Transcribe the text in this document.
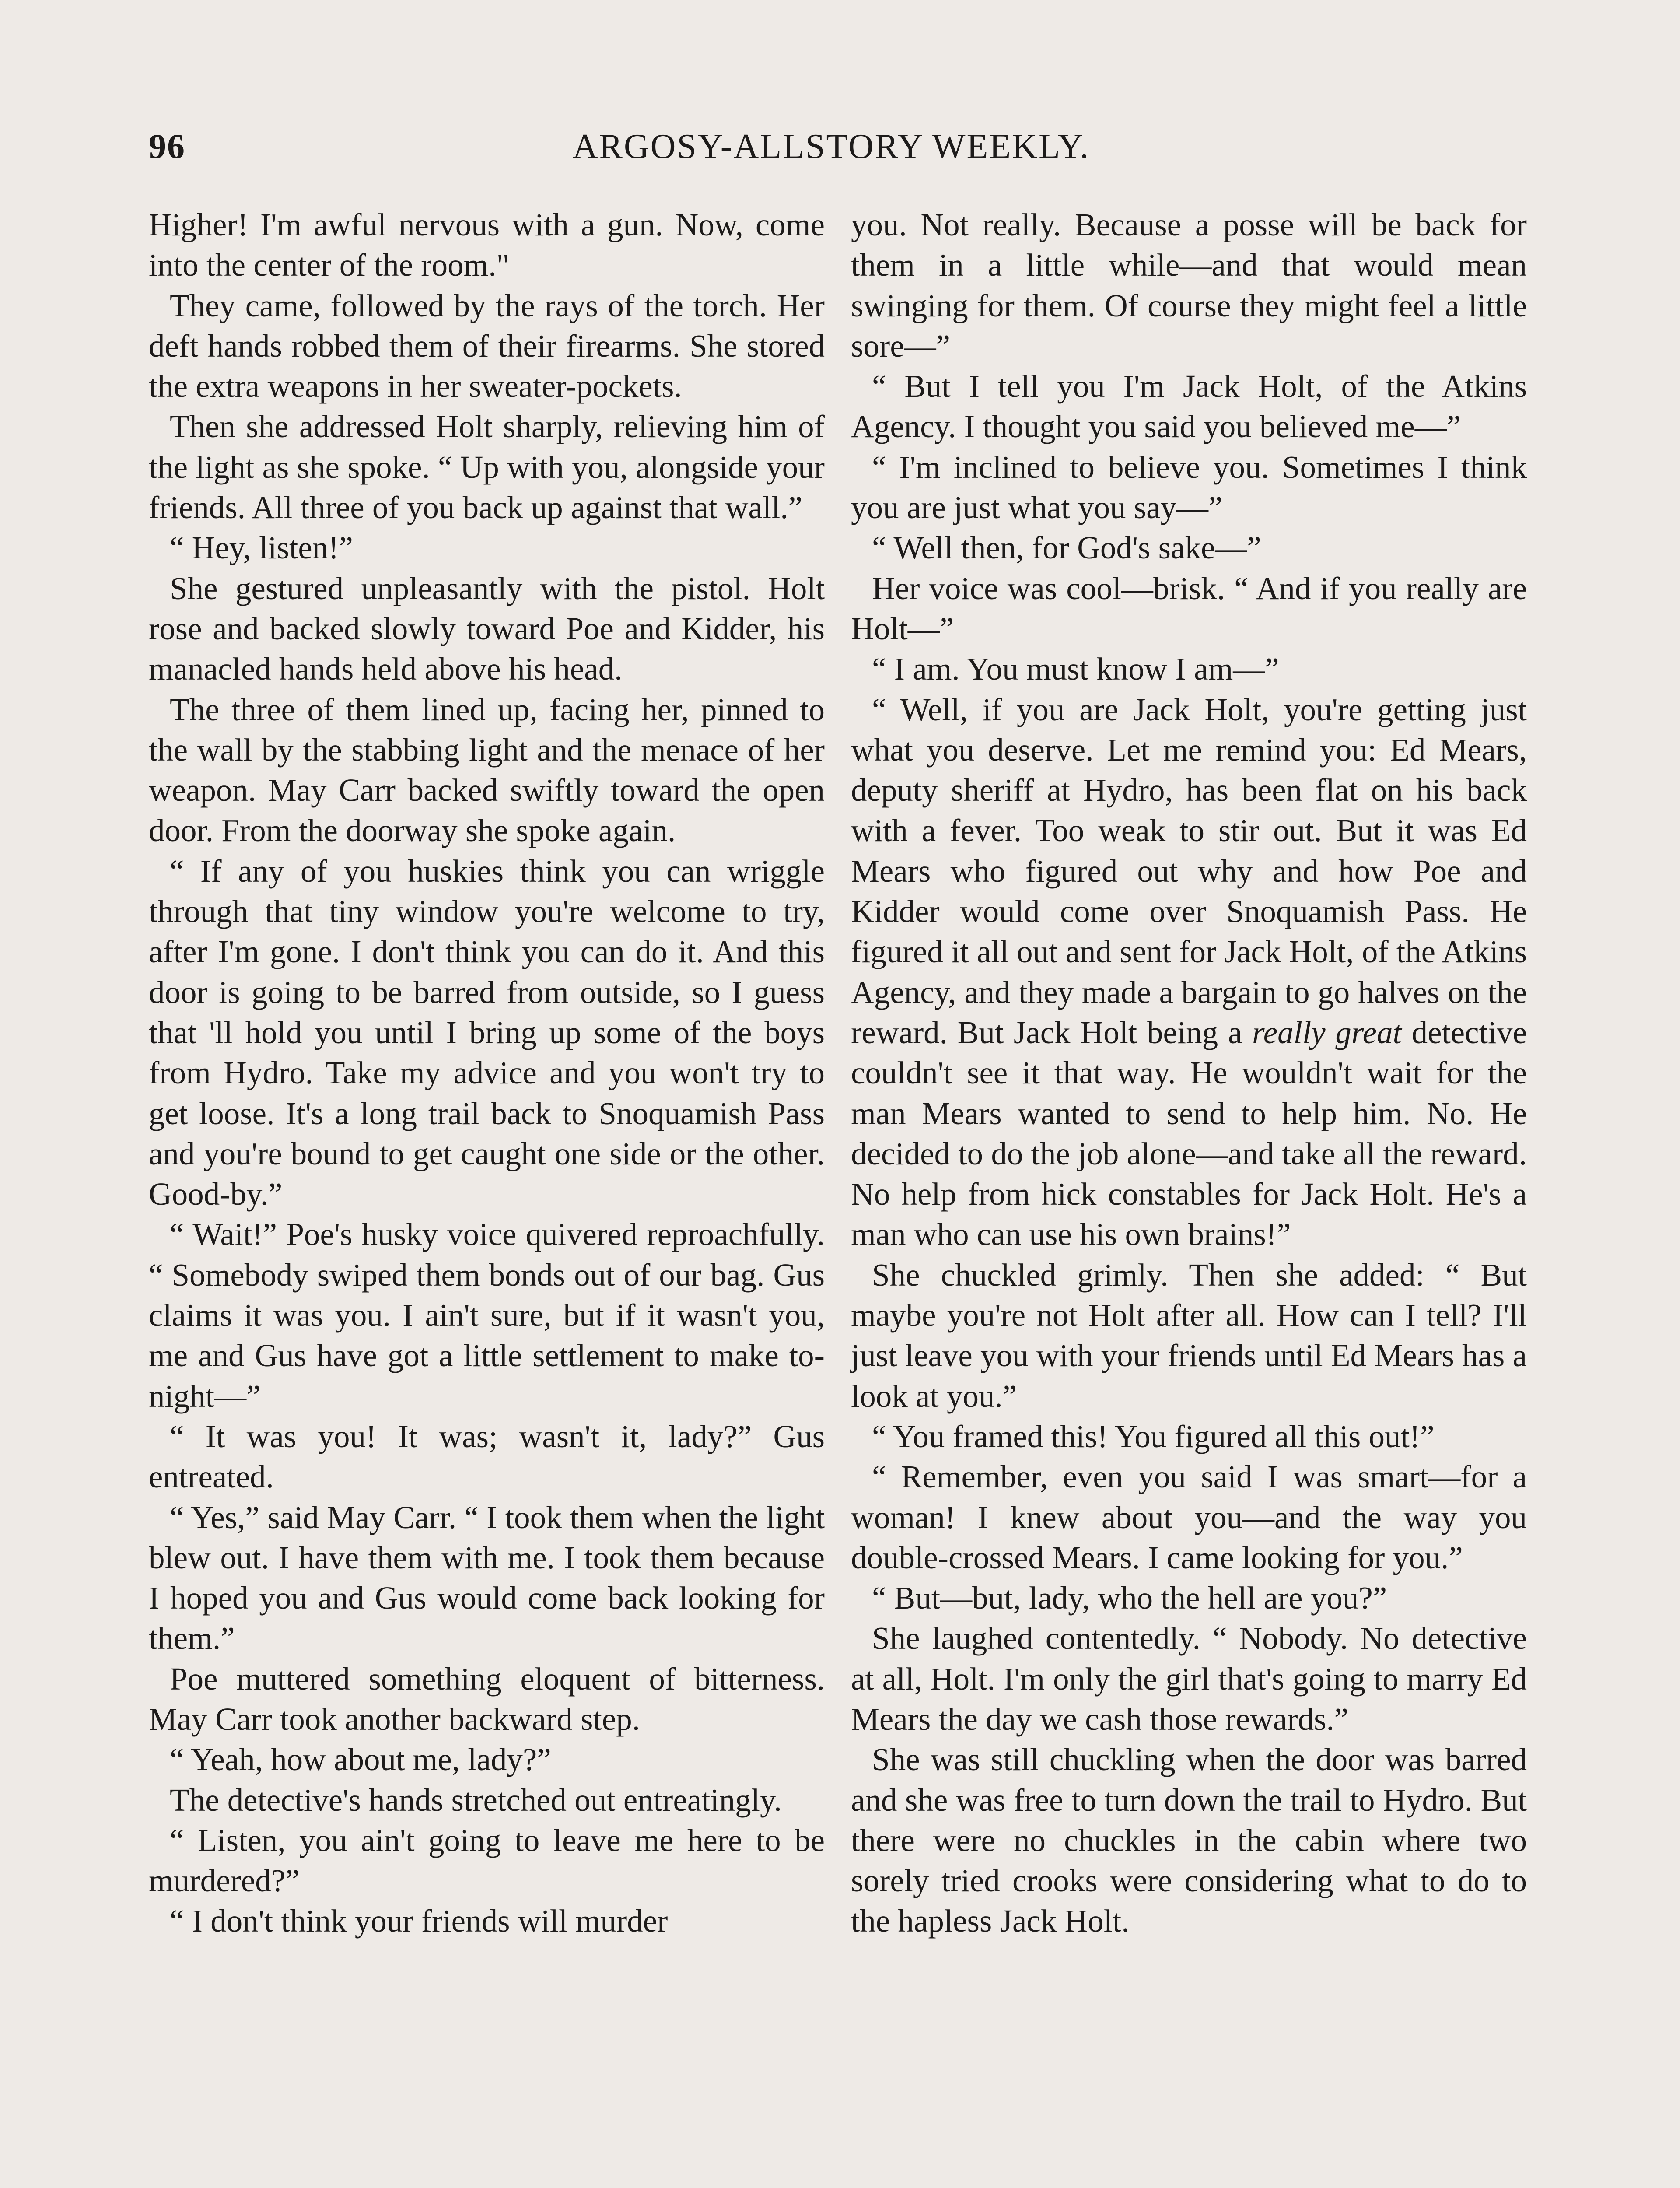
96	ARGOSY-ALLSTORY WEEKLY.

Higher! I'm awful nervous with a gun. Now, come into the center of the room."

They came, followed by the rays of the torch. Her deft hands robbed them of their firearms. She stored the extra weapons in her sweater-pockets.

Then she addressed Holt sharply, relieving him of the light as she spoke. “ Up with you, alongside your friends. All three of you back up against that wall.”

“ Hey, listen!”

She gestured unpleasantly with the pistol. Holt rose and backed slowly toward Poe and Kidder, his manacled hands held above his head.

The three of them lined up, facing her, pinned to the wall by the stabbing light and the menace of her weapon. May Carr backed swiftly toward the open door. From the doorway she spoke again.

“ If any of you huskies think you can wriggle through that tiny window you're welcome to try, after I'm gone. I don't think you can do it. And this door is going to be barred from outside, so I guess that 'll hold you until I bring up some of the boys from Hydro. Take my advice and you won't try to get loose. It's a long trail back to Snoquamish Pass and you're bound to get caught one side or the other. Good-by.”

“ Wait!” Poe's husky voice quivered reproachfully. “ Somebody swiped them bonds out of our bag. Gus claims it was you. I ain't sure, but if it wasn't you, me and Gus have got a little settlement to make to-night—”

“ It was you! It was; wasn't it, lady?” Gus entreated.

“ Yes,” said May Carr. “ I took them when the light blew out. I have them with me. I took them because I hoped you and Gus would come back looking for them.”

Poe muttered something eloquent of bitterness. May Carr took another backward step.

“ Yeah, how about me, lady?”

The detective's hands stretched out entreatingly.

“ Listen, you ain't going to leave me here to be murdered?”

“ I don't think your friends will murder

you. Not really. Because a posse will be back for them in a little while—and that would mean swinging for them. Of course they might feel a little sore—”

“ But I tell you I'm Jack Holt, of the Atkins Agency. I thought you said you believed me—”

“ I'm inclined to believe you. Sometimes I think you are just what you say—”

“ Well then, for God's sake—”

Her voice was cool—brisk. “ And if you really are Holt—”

“ I am. You must know I am—”

“ Well, if you are Jack Holt, you're getting just what you deserve. Let me remind you: Ed Mears, deputy sheriff at Hydro, has been flat on his back with a fever. Too weak to stir out. But it was Ed Mears who figured out why and how Poe and Kidder would come over Snoquamish Pass. He figured it all out and sent for Jack Holt, of the Atkins Agency, and they made a bargain to go halves on the reward. But Jack Holt being a really great detective couldn't see it that way. He wouldn't wait for the man Mears wanted to send to help him. No. He decided to do the job alone—and take all the reward. No help from hick constables for Jack Holt. He's a man who can use his own brains!”

She chuckled grimly. Then she added: “ But maybe you're not Holt after all. How can I tell? I'll just leave you with your friends until Ed Mears has a look at you.”

“ You framed this! You figured all this out!”

“ Remember, even you said I was smart—for a woman! I knew about you—and the way you double-crossed Mears. I came looking for you.”

“ But—but, lady, who the hell are you?”

She laughed contentedly. “ Nobody. No detective at all, Holt. I'm only the girl that's going to marry Ed Mears the day we cash those rewards.”

She was still chuckling when the door was barred and she was free to turn down the trail to Hydro. But there were no chuckles in the cabin where two sorely tried crooks were considering what to do to the hapless Jack Holt.
